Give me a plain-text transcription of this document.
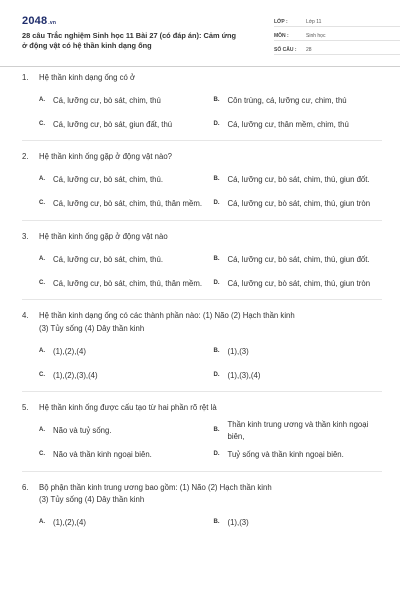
2048.vn
28 câu Trắc nghiệm Sinh học 11 Bài 27 (có đáp án): Cảm ứng ở động vật có hệ thần kinh dạng ống
LỚP :	Lớp 11
MÔN :	Sinh học
SỐ CÂU :	28
1.	Hệ thần kinh dạng ống có ở
A.	Cá, lưỡng cư, bò sát, chim, thú	B.	Côn trùng, cá, lưỡng cư, chim, thú
C.	Cá, lưỡng cư, bò sát, giun đất, thú	D.	Cá, lưỡng cư, thân mềm, chim, thú
2.	Hệ thần kinh ống gặp ở động vật nào?
A.	Cá, lưỡng cư, bò sát, chim, thú.	B.	Cá, lưỡng cư, bò sát, chim, thú, giun đốt.
C.	Cá, lưỡng cư, bò sát, chim, thú, thân mềm.	D.	Cá, lưỡng cư, bò sát, chim, thú, giun tròn
3.	Hệ thần kinh ống gặp ở động vật nào
A.	Cá, lưỡng cư, bò sát, chim, thú.	B.	Cá, lưỡng cư, bò sát, chim, thú, giun đốt.
C.	Cá, lưỡng cư, bò sát, chim, thú, thân mềm.	D.	Cá, lưỡng cư, bò sát, chim, thú, giun tròn
4.	Hệ thần kinh dạng ống có các thành phần nào: (1) Não (2) Hạch thần kinh
(3) Tủy sống (4) Dây thần kinh
A.	(1),(2),(4)	B.	(1),(3)
C.	(1),(2),(3),(4)	D.	(1),(3),(4)
5.	Hệ thần kinh ống được cấu tạo từ hai phần rõ rệt là
A.	Não và tuỷ sống.	B.
Thần kinh trung ương và thần kinh ngoại biên,
C.	Não và thần kinh ngoại biên.	D.	Tuỷ sống và thần kinh ngoại biên.
6.	Bộ phận thần kinh trung ương bao gồm: (1) Não (2) Hạch thần kinh
(3) Tủy sống (4) Dây thần kinh
A.	(1),(2),(4)	B.	(1),(3)
